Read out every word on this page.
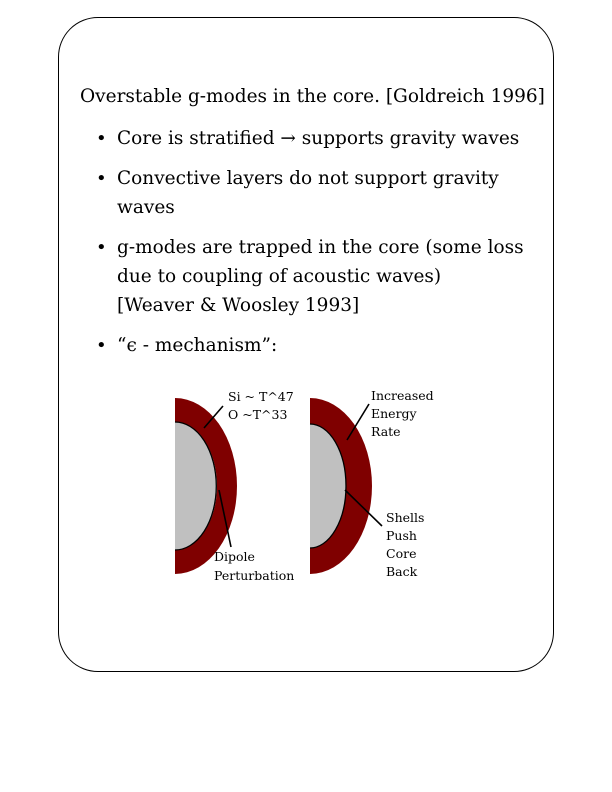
Overstable g-modes in the core. [Goldreich 1996]
• Core is stratified → supports gravity waves
• Convective layers do not support gravity
waves
• g-modes are trapped in the core (some loss
due to coupling of acoustic waves)
[Weaver & Woosley 1993]
• “ϵ - mechanism”:
Si ~ T^47
O ~T^33
Dipole
Perturbation
Increased
Energy
Rate
Shells
Push
Core
Back
